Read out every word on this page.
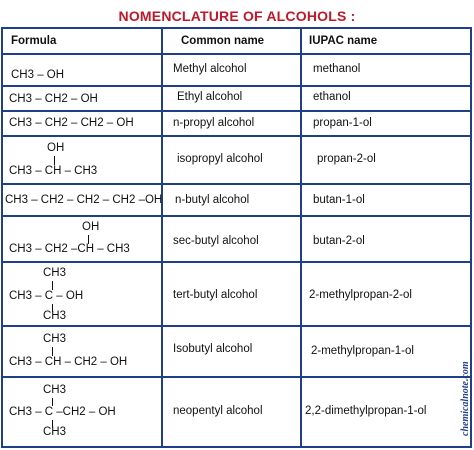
NOMENCLATURE OF ALCOHOLS :
Formula	Common name	IUPAC name
CH3 – OH	Methyl alcohol	methanol
CH3 – CH2 – OH	Ethyl alcohol	ethanol
CH3 – CH2 – CH2 – OH	n-propyl alcohol	propan-1-ol
OH
CH3 – CH – CH3
isopropyl alcohol	propan-2-ol
CH3 – CH2 – CH2 – CH2 –OH n-butyl alcohol	butan-1-ol
OH
CH3 – CH2 –CH – CH3
sec-butyl alcohol	butan-2-ol
CH3
CH3 – C – OH
CH3
tert-butyl alcohol	2-methylpropan-2-ol
CH3
CH3 – CH – CH2 – OH
Isobutyl alcohol	2-methylpropan-1-ol
CH3
CH3 – C –CH2 – OH
CH3
neopentyl alcohol	2,2-dimethylpropan-1-ol	chemicalnote.com
